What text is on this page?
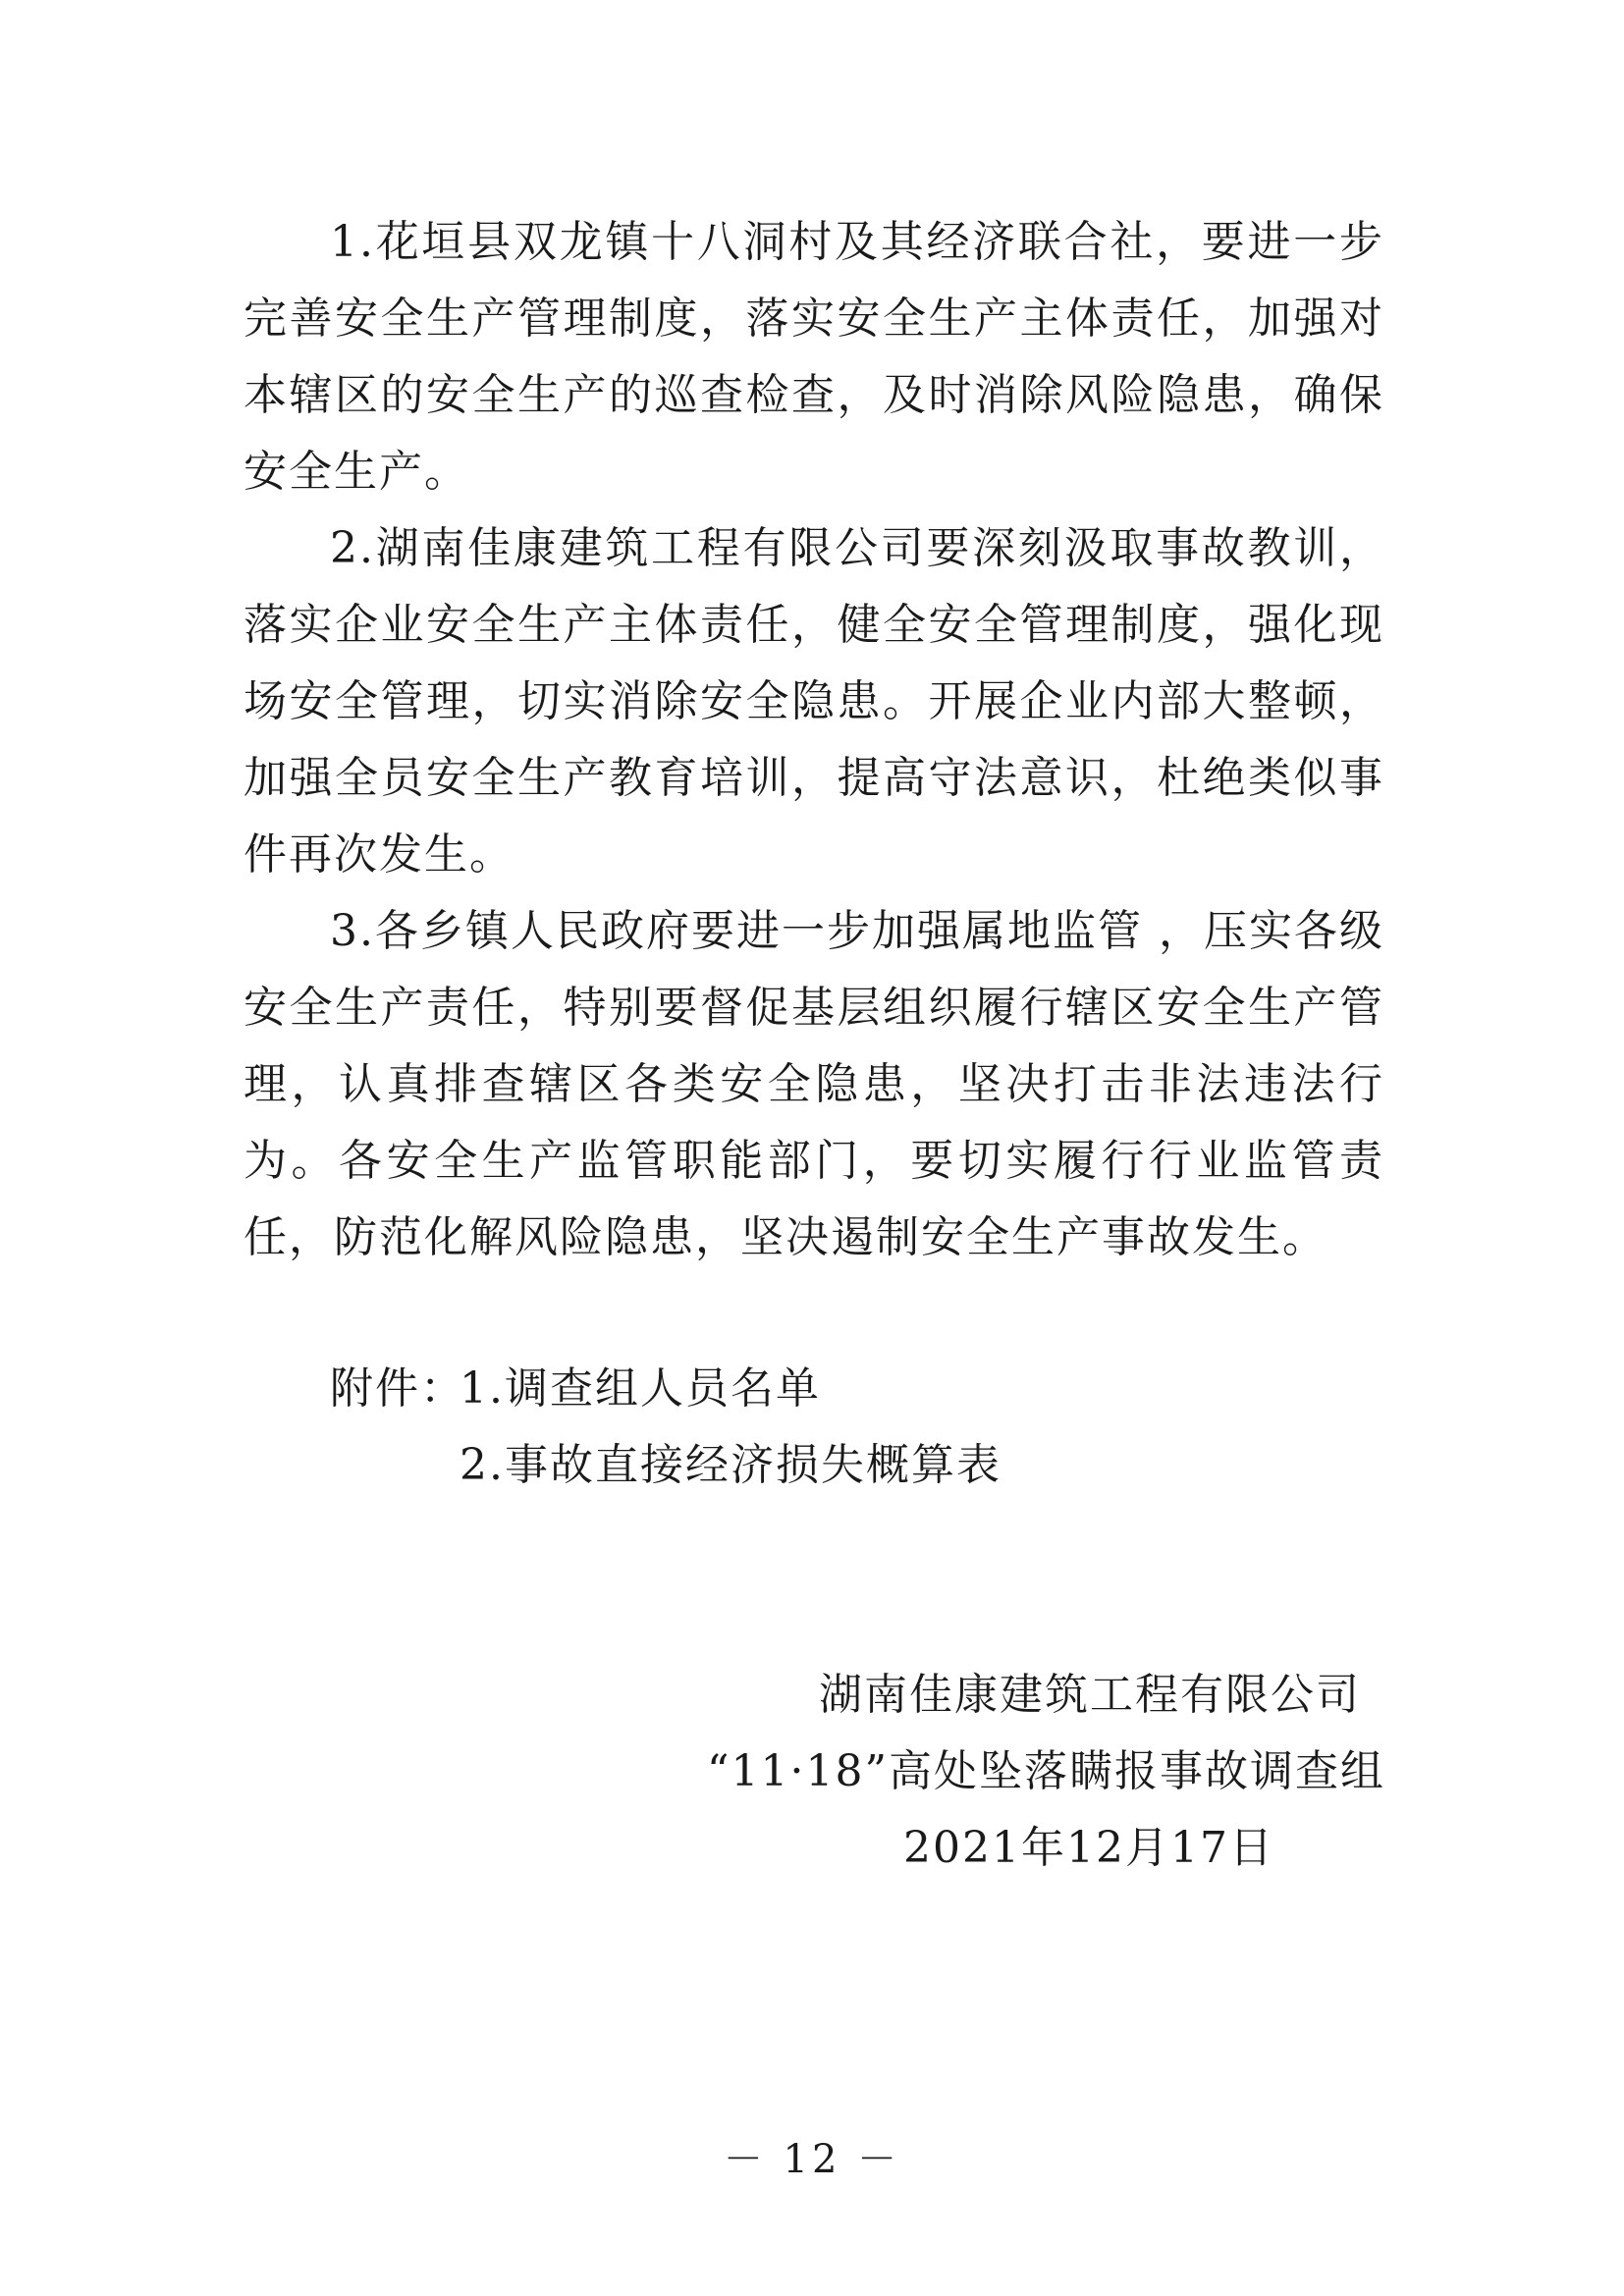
1.花垣县双龙镇十八洞村及其经济联合社，要进一步完善安全生产管理制度，落实安全生产主体责任，加强对本辖区的安全生产的巡查检查，及时消除风险隐患，确保安全生产。

2.湖南佳康建筑工程有限公司要深刻汲取事故教训，落实企业安全生产主体责任，健全安全管理制度，强化现场安全管理，切实消除安全隐患。开展企业内部大整顿，加强全员安全生产教育培训，提高守法意识，杜绝类似事件再次发生。

3.各乡镇人民政府要进一步加强属地监管 ，压实各级安全生产责任，特别要督促基层组织履行辖区安全生产管理，认真排查辖区各类安全隐患，坚决打击非法违法行为。各安全生产监管职能部门，要切实履行行业监管责任，防范化解风险隐患，坚决遏制安全生产事故发生。

附件：

1.调查组人员名单

2.事故直接经济损失概算表

湖南佳康建筑工程有限公司

“11·18”高处坠落瞒报事故调查组

2021年12月17日

－ 12 －
